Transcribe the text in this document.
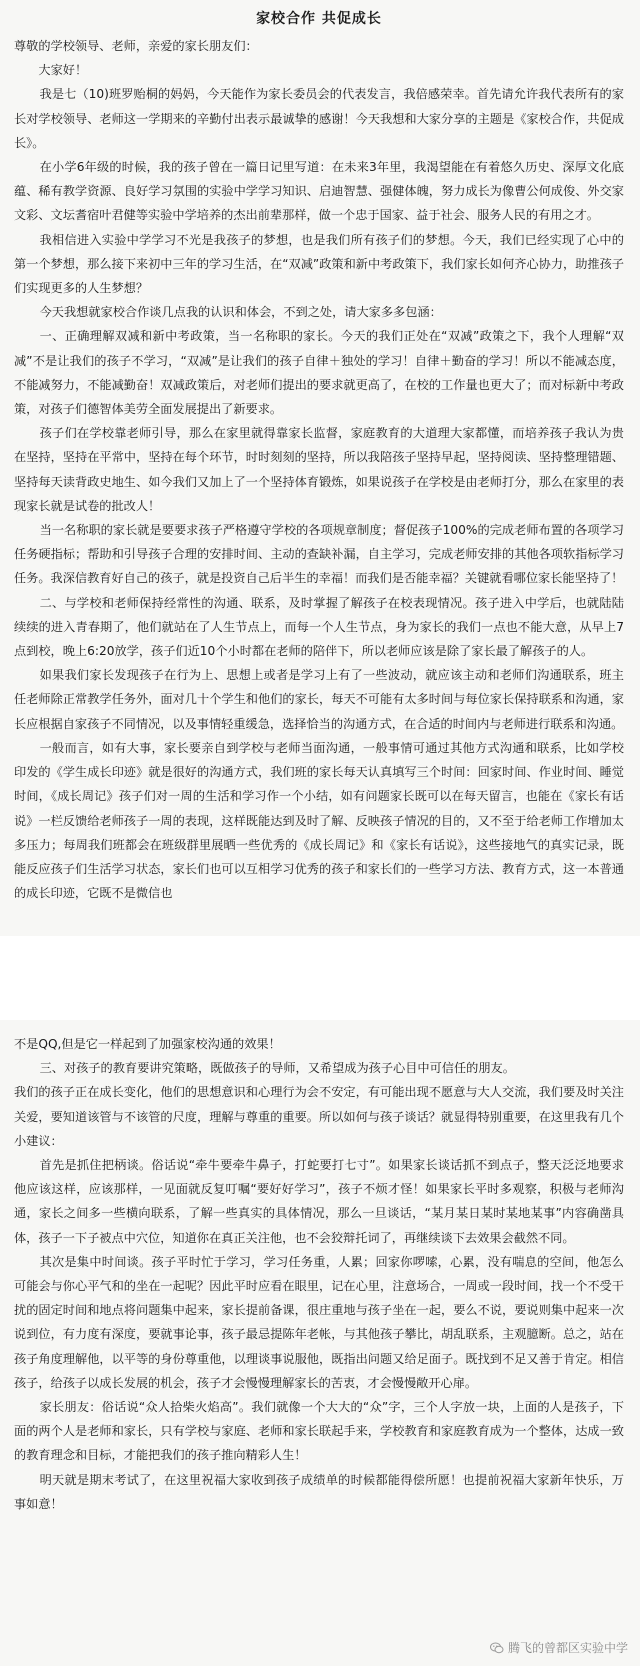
家校合作 共促成长

尊敬的学校领导、老师，亲爱的家长朋友们：

大家好！

我是七（10)班罗贻桐的妈妈，今天能作为家长委员会的代表发言，我倍感荣幸。首先请允许我代表所有的家长对学校领导、老师这一学期来的辛勤付出表示最诚挚的感谢！今天我想和大家分享的主题是《家校合作，共促成长》。

在小学6年级的时候，我的孩子曾在一篇日记里写道：在未来3年里，我渴望能在有着悠久历史、深厚文化底蕴、稀有教学资源、良好学习氛围的实验中学学习知识、启迪智慧、强健体魄，努力成长为像曹公何成俊、外交家文彩、文坛耆宿叶君健等实验中学培养的杰出前辈那样，做一个忠于国家、益于社会、服务人民的有用之才。

我相信进入实验中学学习不光是我孩子的梦想，也是我们所有孩子们的梦想。今天，我们已经实现了心中的第一个梦想，那么接下来初中三年的学习生活，在“双减”政策和新中考政策下，我们家长如何齐心协力，助推孩子们实现更多的人生梦想？

今天我想就家校合作谈几点我的认识和体会，不到之处，请大家多多包涵：

一、正确理解双减和新中考政策，当一名称职的家长。今天的我们正处在“双减”政策之下，我个人理解“双减”不是让我们的孩子不学习，“双减”是让我们的孩子自律＋独处的学习！自律＋勤奋的学习！所以不能减态度，不能减努力，不能减勤奋！双减政策后，对老师们提出的要求就更高了，在校的工作量也更大了；而对标新中考政策，对孩子们德智体美劳全面发展提出了新要求。

孩子们在学校靠老师引导，那么在家里就得靠家长监督，家庭教育的大道理大家都懂，而培养孩子我认为贵在坚持，坚持在平常中，坚持在每个环节，时时刻刻的坚持，所以我陪孩子坚持早起，坚持阅读、坚持整理错题、坚持每天读背政史地生、如今我们又加上了一个坚持体育锻炼，如果说孩子在学校是由老师打分，那么在家里的表现家长就是试卷的批改人！

当一名称职的家长就是要要求孩子严格遵守学校的各项规章制度；督促孩子100%的完成老师布置的各项学习任务硬指标；帮助和引导孩子合理的安排时间、主动的查缺补漏，自主学习，完成老师安排的其他各项软指标学习任务。我深信教育好自己的孩子，就是投资自己后半生的幸福！而我们是否能幸福？关键就看哪位家长能坚持了！

二、与学校和老师保持经常性的沟通、联系，及时掌握了解孩子在校表现情况。孩子进入中学后，也就陆陆续续的进入青春期了，他们就站在了人生节点上，而每一个人生节点，身为家长的我们一点也不能大意，从早上7点到校，晚上6:20放学，孩子们近10个小时都在老师的陪伴下，所以老师应该是除了家长最了解孩子的人。

如果我们家长发现孩子在行为上、思想上或者是学习上有了一些波动，就应该主动和老师们沟通联系，班主任老师除正常教学任务外，面对几十个学生和他们的家长，每天不可能有太多时间与每位家长保持联系和沟通，家长应根据自家孩子不同情况，以及事情轻重缓急，选择恰当的沟通方式，在合适的时间内与老师进行联系和沟通。

一般而言，如有大事，家长要亲自到学校与老师当面沟通，一般事情可通过其他方式沟通和联系，比如学校印发的《学生成长印迹》就是很好的沟通方式，我们班的家长每天认真填写三个时间：回家时间、作业时间、睡觉时间，《成长周记》孩子们对一周的生活和学习作一个小结，如有问题家长既可以在每天留言，也能在《家长有话说》一栏反馈给老师孩子一周的表现，这样既能达到及时了解、反映孩子情况的目的，又不至于给老师工作增加太多压力；每周我们班都会在班级群里展晒一些优秀的《成长周记》和《家长有话说》，这些接地气的真实记录，既能反应孩子们生活学习状态，家长们也可以互相学习优秀的孩子和家长们的一些学习方法、教育方式，这一本普通的成长印迹，它既不是微信也

不是QQ,但是它一样起到了加强家校沟通的效果！

三、对孩子的教育要讲究策略，既做孩子的导师，又希望成为孩子心目中可信任的朋友。

我们的孩子正在成长变化，他们的思想意识和心理行为会不安定，有可能出现不愿意与大人交流，我们要及时关注关爱，要知道该管与不该管的尺度，理解与尊重的重要。所以如何与孩子谈话？就显得特别重要，在这里我有几个小建议：

首先是抓住把柄谈。俗话说“牵牛要牵牛鼻子，打蛇要打七寸”。如果家长谈话抓不到点子，整天泛泛地要求他应该这样，应该那样，一见面就反复叮嘱“要好好学习”，孩子不烦才怪！如果家长平时多观察，积极与老师沟通，家长之间多一些横向联系，了解一些真实的具体情况，那么一旦谈话，“某月某日某时某地某事”内容确凿具体，孩子一下子被点中穴位，知道你在真正关注他，也不会狡辩托词了，再继续谈下去效果会截然不同。

其次是集中时间谈。孩子平时忙于学习，学习任务重，人累；回家你啰嗦，心累，没有喘息的空间，他怎么可能会与你心平气和的坐在一起呢？因此平时应看在眼里，记在心里，注意场合，一周或一段时间，找一个不受干扰的固定时间和地点将问题集中起来，家长提前备课，很庄重地与孩子坐在一起，要么不说，要说则集中起来一次说到位，有力度有深度，要就事论事，孩子最忌提陈年老帐，与其他孩子攀比，胡乱联系，主观臆断。总之，站在孩子角度理解他，以平等的身份尊重他，以理谈事说服他，既指出问题又给足面子。既找到不足又善于肯定。相信孩子，给孩子以成长发展的机会，孩子才会慢慢理解家长的苦衷，才会慢慢敞开心扉。

家长朋友：俗话说“众人拾柴火焰高”。我们就像一个大大的“众”字，三个人字放一块，上面的人是孩子，下面的两个人是老师和家长，只有学校与家庭、老师和家长联起手来，学校教育和家庭教育成为一个整体，达成一致的教育理念和目标，才能把我们的孩子推向精彩人生！

明天就是期末考试了，在这里祝福大家收到孩子成绩单的时候都能得偿所愿！也提前祝福大家新年快乐，万事如意！

腾飞的曾都区实验中学
